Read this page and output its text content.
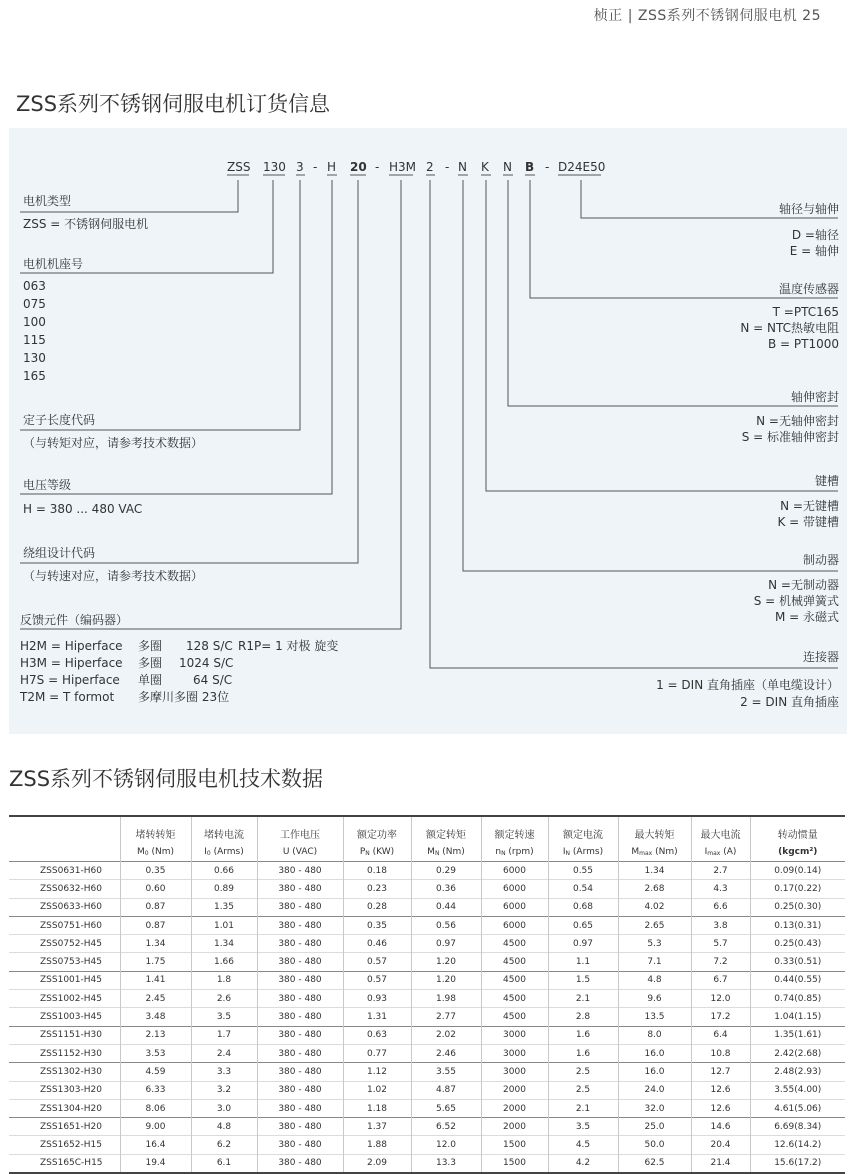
桢正 | ZSS系列不锈钢伺服电机 25
ZSS系列不锈钢伺服电机订货信息
ZSS 130 3 - H 20 - H3M 2 - N K N B - D24E50
电机类型
ZSS = 不锈钢伺服电机
电机机座号
063
075
100
115
130
165
定子长度代码
（与转矩对应，请参考技术数据）
电压等级
H = 380 ... 480 VAC
绕组设计代码
（与转速对应，请参考技术数据）
反馈元件（编码器）
H2M = Hiperface 多圈 128 S/C R1P= 1 对极 旋变
H3M = Hiperface 多圈 1024 S/C
H7S = Hiperface 单圈	64 S/C
T2M = T formot 多摩川多圈 23位
轴径与轴伸
D =轴径
E = 轴伸
温度传感器
T =PTC165
N = NTC热敏电阻
B = PT1000
轴伸密封
N =无轴伸密封
S = 标准轴伸密封
键槽
N =无键槽
K = 带键槽
制动器
N =无制动器
S = 机械弹簧式
M = 永磁式
连接器
1 = DIN 直角插座（单电缆设计）
2 = DIN 直角插座
ZSS系列不锈钢伺服电机技术数据
	堵转转矩	堵转电流	工作电压	额定功率	额定转矩	额定转速	额定电流	最大转矩	最大电流	转动惯量
	$M_0$ (Nm)	$I_0$ (Arms)	U (VAC)	$P_N$ (KW)	$M_N$ (Nm)	$n_N$ (rpm)	$I_N$ (Arms)	$M_{max}$ (Nm)	$I_{max}$ (A)	(kgcm²)
ZSS0631-H60	0.35	0.66	380 - 480	0.18	0.29	6000	0.55	1.34	2.7	0.09(0.14)
ZSS0632-H60	0.60	0.89	380 - 480	0.23	0.36	6000	0.54	2.68	4.3	0.17(0.22)
ZSS0633-H60	0.87	1.35	380 - 480	0.28	0.44	6000	0.68	4.02	6.6	0.25(0.30)
ZSS0751-H60	0.87	1.01	380 - 480	0.35	0.56	6000	0.65	2.65	3.8	0.13(0.31)
ZSS0752-H45	1.34	1.34	380 - 480	0.46	0.97	4500	0.97	5.3	5.7	0.25(0.43)
ZSS0753-H45	1.75	1.66	380 - 480	0.57	1.20	4500	1.1	7.1	7.2	0.33(0.51)
ZSS1001-H45	1.41	1.8	380 - 480	0.57	1.20	4500	1.5	4.8	6.7	0.44(0.55)
ZSS1002-H45	2.45	2.6	380 - 480	0.93	1.98	4500	2.1	9.6	12.0	0.74(0.85)
ZSS1003-H45	3.48	3.5	380 - 480	1.31	2.77	4500	2.8	13.5	17.2	1.04(1.15)
ZSS1151-H30	2.13	1.7	380 - 480	0.63	2.02	3000	1.6	8.0	6.4	1.35(1.61)
ZSS1152-H30	3.53	2.4	380 - 480	0.77	2.46	3000	1.6	16.0	10.8	2.42(2.68)
ZSS1302-H30	4.59	3.3	380 - 480	1.12	3.55	3000	2.5	16.0	12.7	2.48(2.93)
ZSS1303-H20	6.33	3.2	380 - 480	1.02	4.87	2000	2.5	24.0	12.6	3.55(4.00)
ZSS1304-H20	8.06	3.0	380 - 480	1.18	5.65	2000	2.1	32.0	12.6	4.61(5.06)
ZSS1651-H20	9.00	4.8	380 - 480	1.37	6.52	2000	3.5	25.0	14.6	6.69(8.34)
ZSS1652-H15	16.4	6.2	380 - 480	1.88	12.0	1500	4.5	50.0	20.4	12.6(14.2)
ZSS165C-H15	19.4	6.1	380 - 480	2.09	13.3	1500	4.2	62.5	21.4	15.6(17.2)
